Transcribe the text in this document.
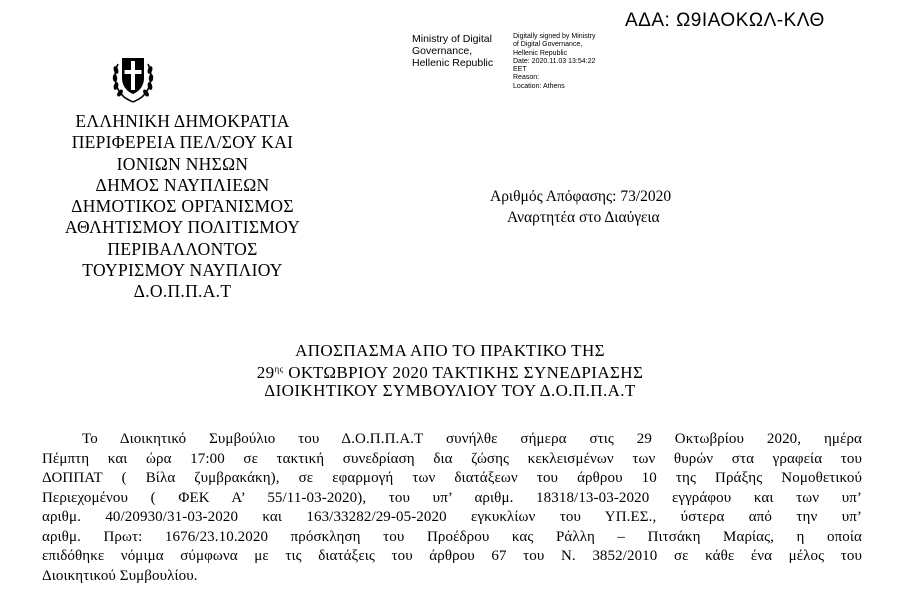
ΑΔΑ: Ω9ΙΑΟΚΩΛ-ΚΛΘ
Ministry of Digital
Governance,
Hellenic Republic
Digitally signed by Ministry
of Digital Governance,
Hellenic Republic
Date: 2020.11.03 13:54:22
EET
Reason:
Location: Athens
ΕΛΛΗΝΙΚΗ ΔΗΜΟΚΡΑΤΙΑ
ΠΕΡΙΦΕΡΕΙΑ ΠΕΛ/ΣΟΥ ΚΑΙ
ΙΟΝΙΩΝ ΝΗΣΩΝ
ΔΗΜΟΣ ΝΑΥΠΛΙΕΩΝ
ΔΗΜΟΤΙΚΟΣ ΟΡΓΑΝΙΣΜΟΣ
ΑΘΛΗΤΙΣΜΟΥ ΠΟΛΙΤΙΣΜΟΥ
ΠΕΡΙΒΑΛΛΟΝΤΟΣ
ΤΟΥΡΙΣΜΟΥ ΝΑΥΠΛΙΟΥ
Δ.Ο.Π.Π.Α.Τ
Αριθμός Απόφασης: 73/2020
Αναρτητέα στο Διαύγεια
ΑΠΟΣΠΑΣΜΑ ΑΠΟ ΤΟ ΠΡΑΚΤΙΚΟ ΤΗΣ
$29^{\eta\varsigma}$ ΟΚΤΩΒΡΙΟΥ 2020 ΤΑΚΤΙΚΗΣ ΣΥΝΕΔΡΙΑΣΗΣ
ΔΙΟΙΚΗΤΙΚΟΥ ΣΥΜΒΟΥΛΙΟΥ ΤΟΥ Δ.Ο.Π.Π.Α.Τ
Το Διοικητικό Συμβούλιο του Δ.Ο.Π.Π.Α.Τ συνήλθε σήμερα στις 29 Οκτωβρίου 2020, ημέρα
Πέμπτη και ώρα 17:00 σε τακτική συνεδρίαση δια ζώσης κεκλεισμένων των θυρών στα γραφεία του
ΔΟΠΠΑΤ ( Βίλα ζυμβρακάκη), σε εφαρμογή των διατάξεων του άρθρου 10 της Πράξης Νομοθετικού
Περιεχομένου ( ΦΕΚ Α’ 55/11-03-2020), του υπ’ αριθμ. 18318/13-03-2020 εγγράφου και των υπ’
αριθμ. 40/20930/31-03-2020 και 163/33282/29-05-2020 εγκυκλίων του ΥΠ.ΕΣ., ύστερα από την υπ’
αριθμ. Πρωτ: 1676/23.10.2020 πρόσκληση του Προέδρου κας Ράλλη – Πιτσάκη Μαρίας, η οποία
επιδόθηκε νόμιμα σύμφωνα με τις διατάξεις του άρθρου 67 του Ν. 3852/2010 σε κάθε ένα μέλος του
Διοικητικού Συμβουλίου.
